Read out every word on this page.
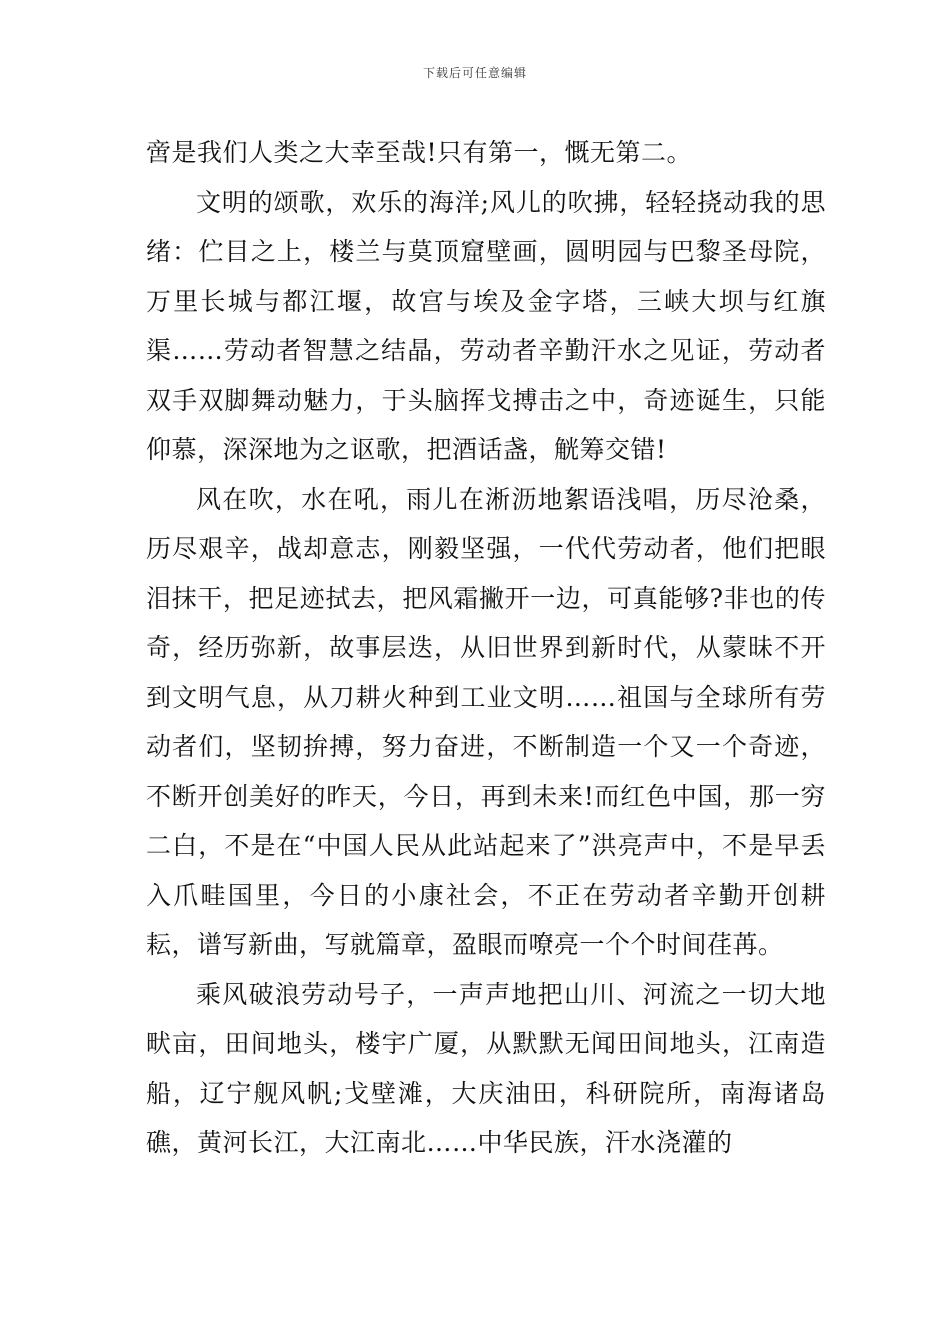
下载后可任意编辑

啻是我们人类之大幸至哉!只有第一，慨无第二。

文明的颂歌，欢乐的海洋;风儿的吹拂，轻轻挠动我的思绪：伫目之上，楼兰与莫顶窟壁画，圆明园与巴黎圣母院，万里长城与都江堰，故宫与埃及金字塔，三峡大坝与红旗渠……劳动者智慧之结晶，劳动者辛勤汗水之见证，劳动者双手双脚舞动魅力，于头脑挥戈搏击之中，奇迹诞生，只能仰慕，深深地为之讴歌，把酒话盏，觥筹交错!

风在吹，水在吼，雨儿在淅沥地絮语浅唱，历尽沧桑，历尽艰辛，战却意志，刚毅坚强，一代代劳动者，他们把眼泪抹干，把足迹拭去，把风霜撇开一边，可真能够?非也的传奇，经历弥新，故事层迭，从旧世界到新时代，从蒙昧不开到文明气息，从刀耕火种到工业文明……祖国与全球所有劳动者们，坚韧拚搏，努力奋进，不断制造一个又一个奇迹，不断开创美好的昨天，今日，再到未来!而红色中国，那一穷二白，不是在“中国人民从此站起来了”洪亮声中，不是早丢入爪畦国里，今日的小康社会，不正在劳动者辛勤开创耕耘，谱写新曲，写就篇章，盈眼而嘹亮一个个时间荏苒。

乘风破浪劳动号子，一声声地把山川、河流之一切大地畎亩，田间地头，楼宇广厦，从默默无闻田间地头，江南造船，辽宁舰风帆;戈壁滩，大庆油田，科研院所，南海诸岛礁，黄河长江，大江南北……中华民族，汗水浇灌的
